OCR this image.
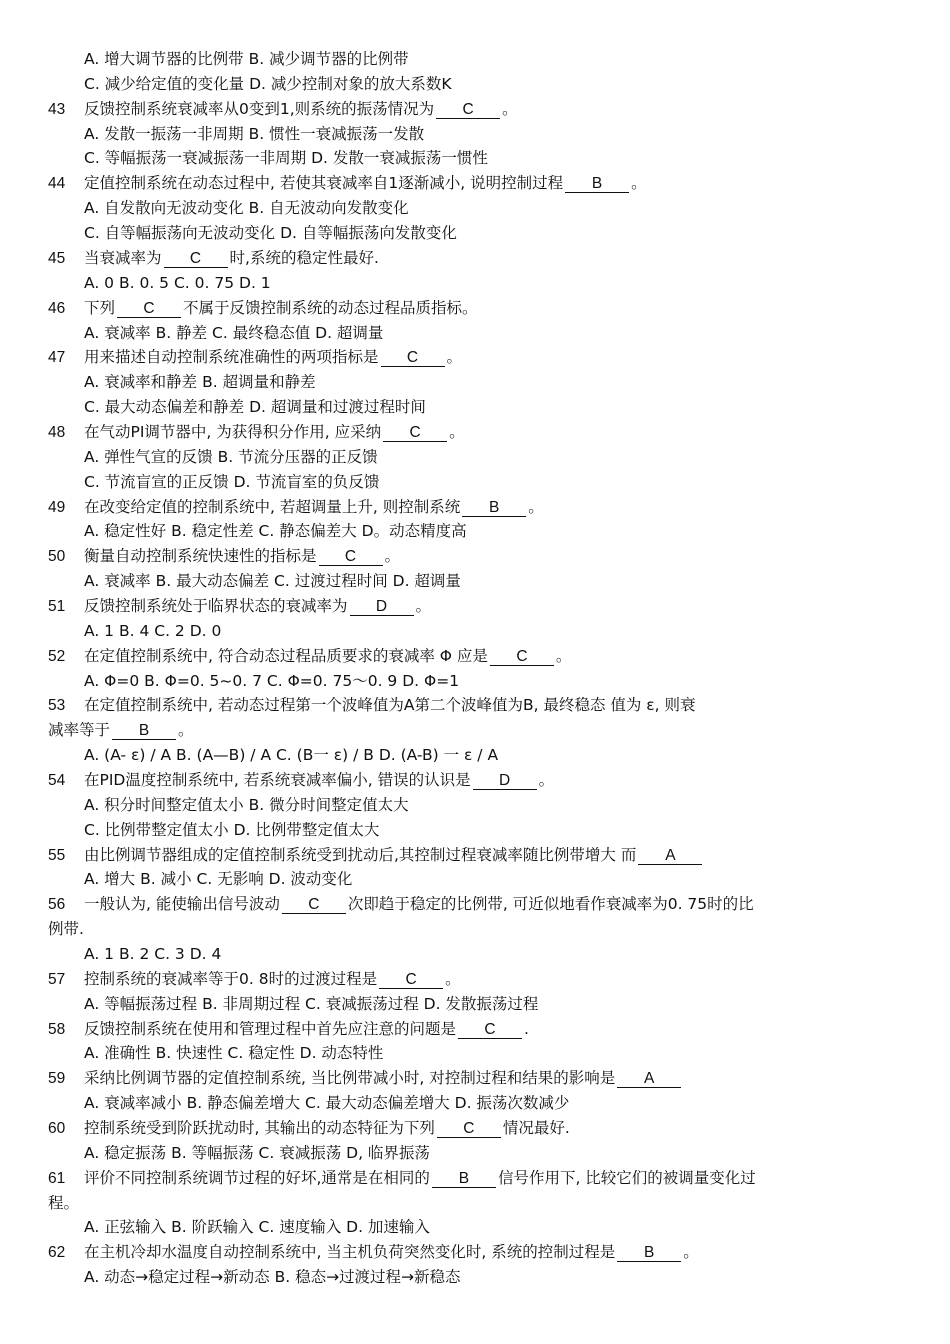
A. 增大调节器的比例带 B. 减少调节器的比例带
C. 减少给定值的变化量 D. 减少控制对象的放大系数K
43 反馈控制系统衰减率从0变到1,则系统的振荡情况为 C 。
A. 发散一振荡一非周期 B. 惯性一衰减振荡一发散
C. 等幅振荡一衰减振荡一非周期 D. 发散一衰减振荡一惯性
44 定值控制系统在动态过程中, 若使其衰减率自1逐渐减小, 说明控制过程 B 。
A. 自发散向无波动变化 B. 自无波动向发散变化
C. 自等幅振荡向无波动变化 D. 自等幅振荡向发散变化
45 当衰减率为 C 时,系统的稳定性最好.
A. 0 B. 0. 5 C. 0. 75 D. 1
46 下列 C 不属于反馈控制系统的动态过程品质指标。
A. 衰减率 B. 静差 C. 最终稳态值 D. 超调量
47 用来描述自动控制系统准确性的两项指标是 C 。
A. 衰减率和静差 B. 超调量和静差
C. 最大动态偏差和静差 D. 超调量和过渡过程时间
48 在气动PI调节器中, 为获得积分作用, 应采纳 C 。
A. 弹性气宣的反馈 B. 节流分压器的正反馈
C. 节流盲宣的正反馈 D. 节流盲室的负反馈
49 在改变给定值的控制系统中, 若超调量上升, 则控制系统 B 。
A. 稳定性好 B. 稳定性差 C. 静态偏差大 D。动态精度高
50 衡量自动控制系统快速性的指标是 C 。
A. 衰减率 B. 最大动态偏差 C. 过渡过程时间 D. 超调量
51 反馈控制系统处于临界状态的衰减率为 D 。
A. 1 B. 4 C. 2 D. 0
52 在定值控制系统中, 符合动态过程品质要求的衰减率 Φ 应是 C 。
A. Φ=0 B. Φ=0. 5~0. 7 C. Φ=0. 75～0. 9 D. Φ=1
53 在定值控制系统中, 若动态过程第一个波峰值为A第二个波峰值为B, 最终稳态 值为 ε, 则衰
减率等于 B 。
A. (A- ε) / A B. (A—B) / A C. (B一 ε) / B D. (A-B) 一 ε / A
54 在PID温度控制系统中, 若系统衰减率偏小, 错误的认识是 D 。
A. 积分时间整定值太小 B. 微分时间整定值太大
C. 比例带整定值太小 D. 比例带整定值太大
55 由比例调节器组成的定值控制系统受到扰动后,其控制过程衰减率随比例带增大 而 A
A. 增大 B. 减小 C. 无影响 D. 波动变化
56 一般认为, 能使输出信号波动 C 次即趋于稳定的比例带, 可近似地看作衰减率为0. 75时的比
例带.
A. 1 B. 2 C. 3 D. 4
57 控制系统的衰减率等于0. 8时的过渡过程是 C 。
A. 等幅振荡过程 B. 非周期过程 C. 衰减振荡过程 D. 发散振荡过程
58 反馈控制系统在使用和管理过程中首先应注意的问题是 C .
A. 准确性 B. 快速性 C. 稳定性 D. 动态特性
59 采纳比例调节器的定值控制系统, 当比例带减小时, 对控制过程和结果的影响是 A
A. 衰减率减小 B. 静态偏差增大 C. 最大动态偏差增大 D. 振荡次数减少
60 控制系统受到阶跃扰动时, 其输出的动态特征为下列 C 情况最好.
A. 稳定振荡 B. 等幅振荡 C. 衰减振荡 D, 临界振荡
61 评价不同控制系统调节过程的好坏,通常是在相同的 B 信号作用下, 比较它们的被调量变化过
程。
A. 正弦输入 B. 阶跃输入 C. 速度输入 D. 加速输入
62 在主机冷却水温度自动控制系统中, 当主机负荷突然变化时, 系统的控制过程是 B 。
A. 动态→稳定过程→新动态 B. 稳态→过渡过程→新稳态
